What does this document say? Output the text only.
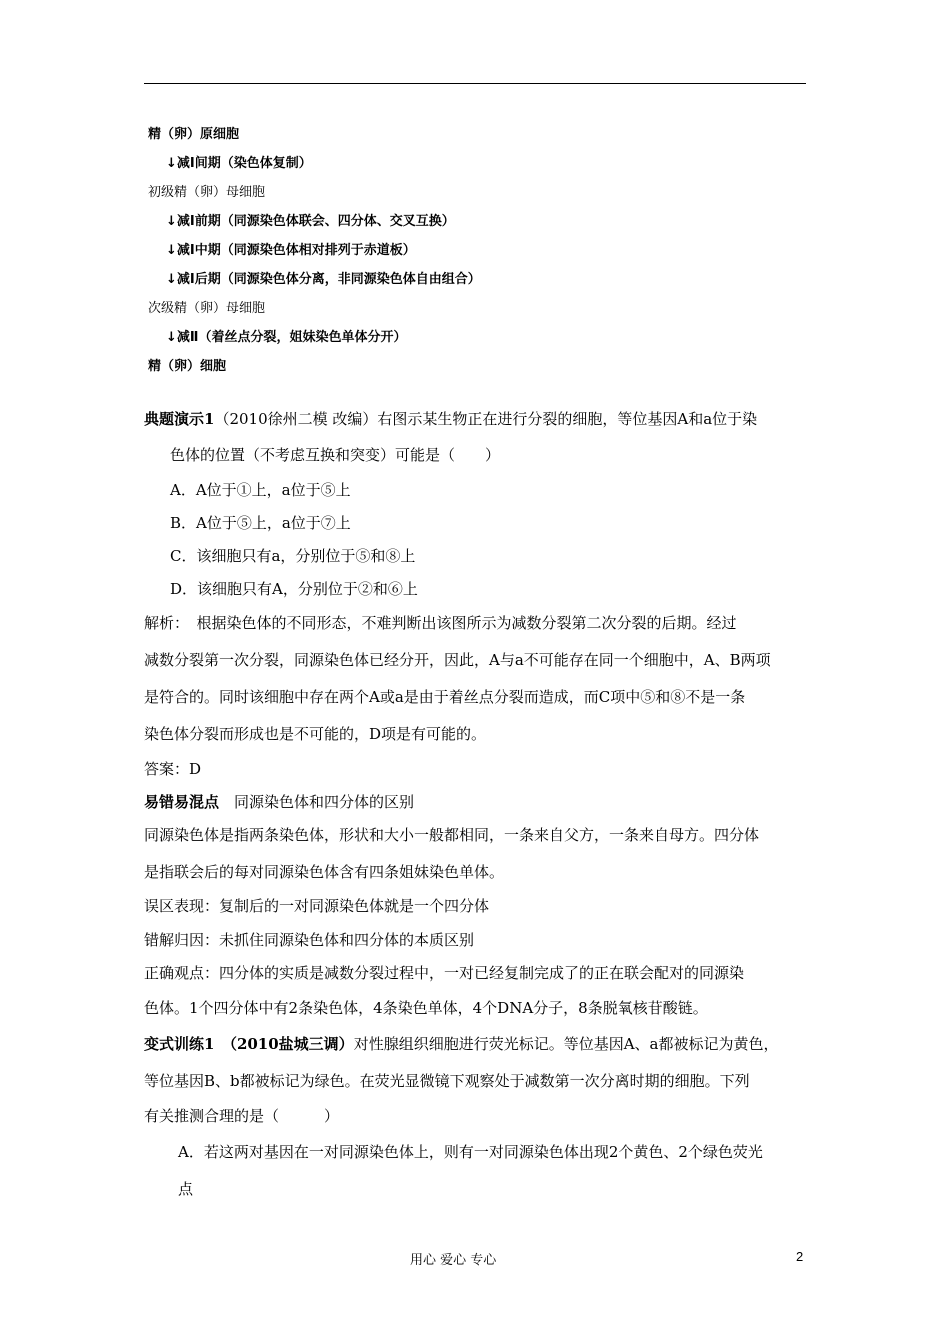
精（卵）原细胞
↓减Ⅰ间期（染色体复制）
初级精（卵）母细胞
↓减Ⅰ前期（同源染色体联会、四分体、交叉互换）
↓减Ⅰ中期（同源染色体相对排列于赤道板）
↓减Ⅰ后期（同源染色体分离，非同源染色体自由组合）
次级精（卵）母细胞
↓减Ⅱ（着丝点分裂，姐妹染色单体分开）
精（卵）细胞
典题演示1（2010徐州二模 改编）右图示某生物正在进行分裂的细胞，等位基因A和a位于染
色体的位置（不考虑互换和突变）可能是（　　）
A．A位于①上，a位于⑤上
B．A位于⑤上，a位于⑦上
C．该细胞只有a，分别位于⑤和⑧上
D．该细胞只有A，分别位于②和⑥上
解析：　根据染色体的不同形态，不难判断出该图所示为减数分裂第二次分裂的后期。经过
减数分裂第一次分裂，同源染色体已经分开，因此，A与a不可能存在同一个细胞中，A、B两项
是符合的。同时该细胞中存在两个A或a是由于着丝点分裂而造成，而C项中⑤和⑧不是一条
染色体分裂而形成也是不可能的，D项是有可能的。
答案：D
易错易混点　同源染色体和四分体的区别
同源染色体是指两条染色体，形状和大小一般都相同，一条来自父方，一条来自母方。四分体
是指联会后的每对同源染色体含有四条姐妹染色单体。
误区表现：复制后的一对同源染色体就是一个四分体
错解归因：未抓住同源染色体和四分体的本质区别
正确观点：四分体的实质是减数分裂过程中，一对已经复制完成了的正在联会配对的同源染
色体。1个四分体中有2条染色体，4条染色单体，4个DNA分子，8条脱氧核苷酸链。
变式训练1　（2010盐城三调）对性腺组织细胞进行荧光标记。等位基因A、a都被标记为黄色，
等位基因B、b都被标记为绿色。在荧光显微镜下观察处于减数第一次分离时期的细胞。下列
有关推测合理的是（　　　）
A．若这两对基因在一对同源染色体上，则有一对同源染色体出现2个黄色、2个绿色荧光
点
用心 爱心 专心	2
